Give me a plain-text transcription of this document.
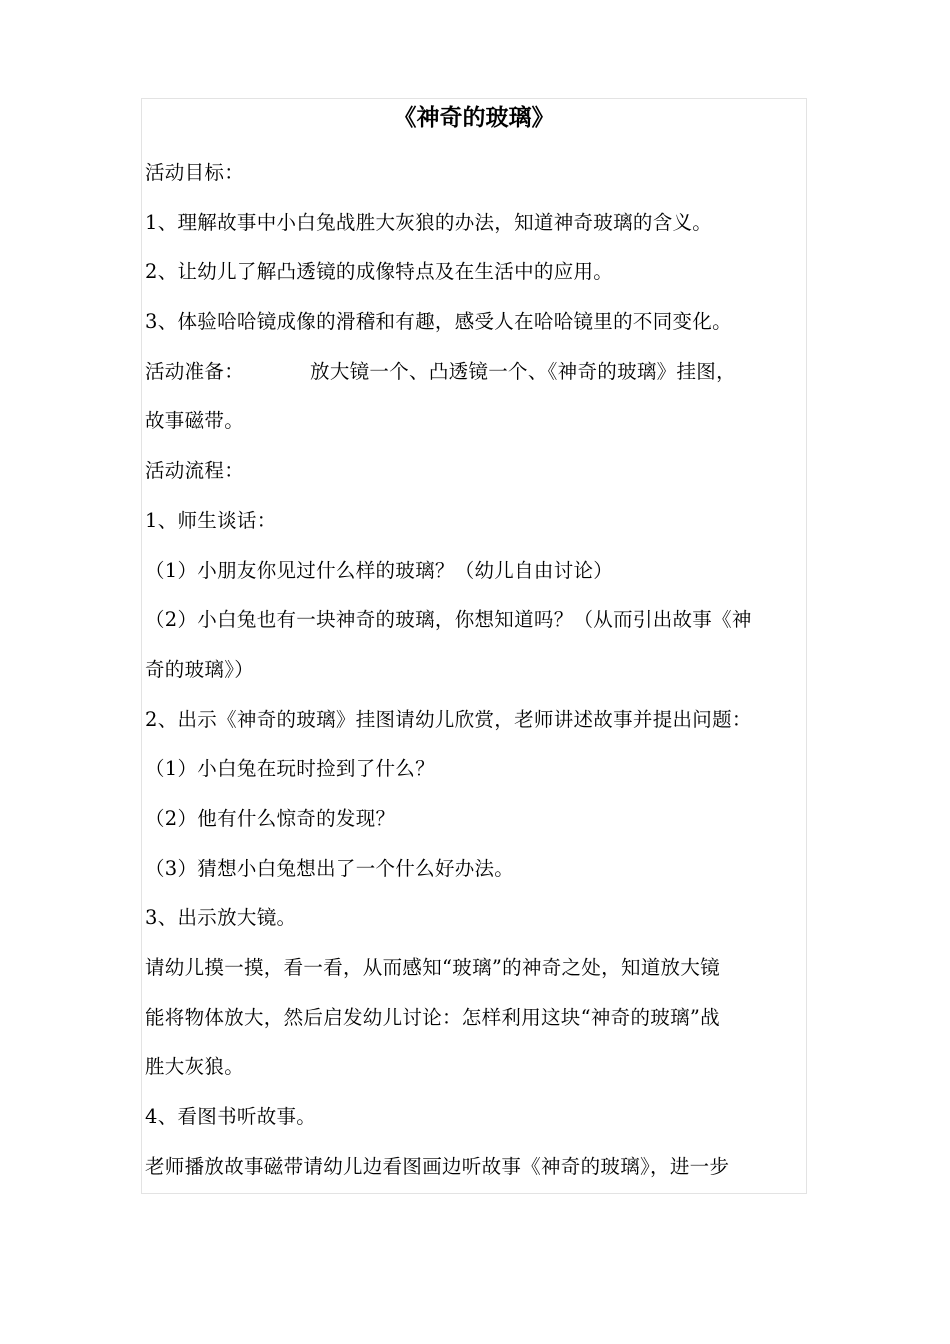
《神奇的玻璃》
活动目标：
1、理解故事中小白兔战胜大灰狼的办法，知道神奇玻璃的含义。
2、让幼儿了解凸透镜的成像特点及在生活中的应用。
3、体验哈哈镜成像的滑稽和有趣，感受人在哈哈镜里的不同变化。
活动准备：	放大镜一个、凸透镜一个、《神奇的玻璃》挂图，
故事磁带。
活动流程：
1、师生谈话：
（1）小朋友你见过什么样的玻璃？（幼儿自由讨论）
（2）小白兔也有一块神奇的玻璃，你想知道吗？（从而引出故事《神
奇的玻璃》）
2、出示《神奇的玻璃》挂图请幼儿欣赏，老师讲述故事并提出问题：
（1）小白兔在玩时捡到了什么？
（2）他有什么惊奇的发现？
（3）猜想小白兔想出了一个什么好办法。
3、出示放大镜。
请幼儿摸一摸，看一看，从而感知“玻璃”的神奇之处，知道放大镜
能将物体放大，然后启发幼儿讨论：怎样利用这块“神奇的玻璃”战
胜大灰狼。
4、看图书听故事。
老师播放故事磁带请幼儿边看图画边听故事《神奇的玻璃》，进一步
